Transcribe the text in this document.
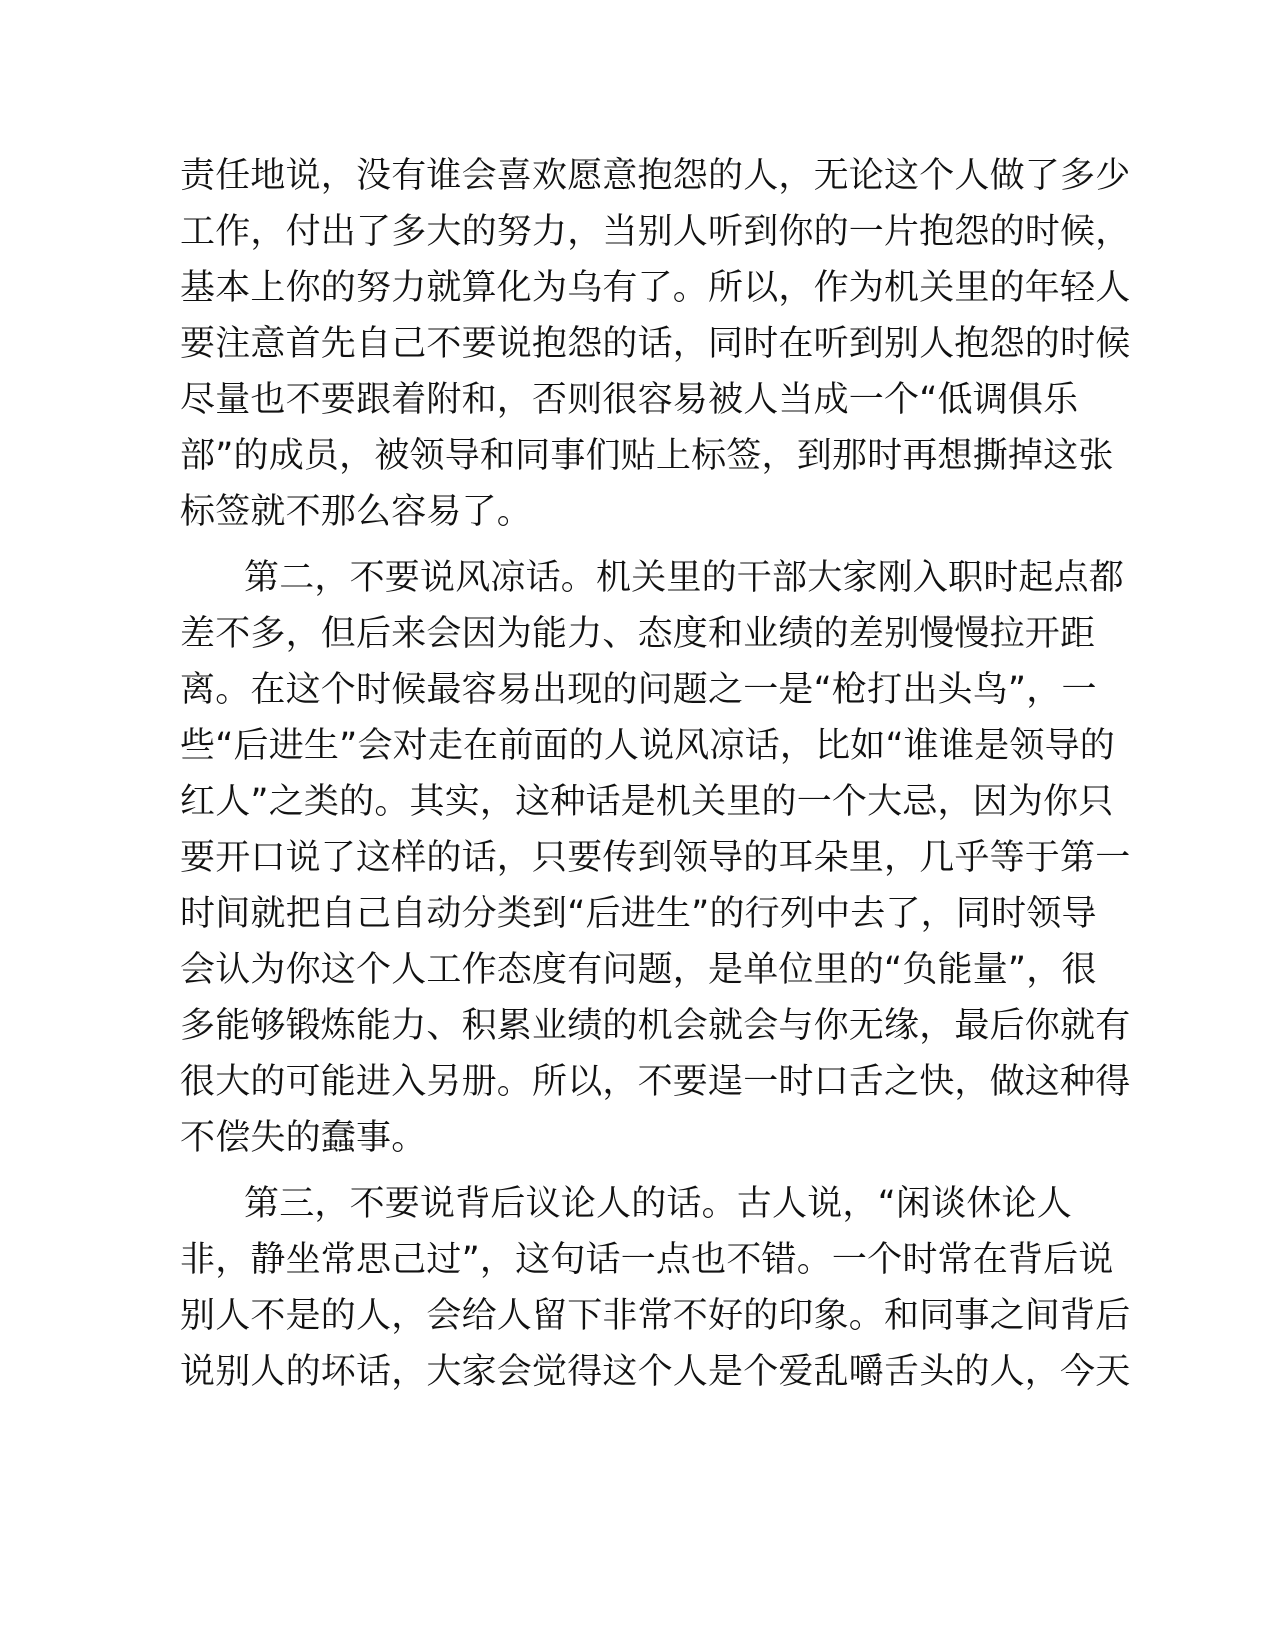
责任地说，没有谁会喜欢愿意抱怨的人，无论这个人做了多少
工作，付出了多大的努力，当别人听到你的一片抱怨的时候，
基本上你的努力就算化为乌有了。所以，作为机关里的年轻人
要注意首先自己不要说抱怨的话，同时在听到别人抱怨的时候
尽量也不要跟着附和，否则很容易被人当成一个“低调俱乐
部”的成员，被领导和同事们贴上标签，到那时再想撕掉这张
标签就不那么容易了。

第二，不要说风凉话。机关里的干部大家刚入职时起点都
差不多，但后来会因为能力、态度和业绩的差别慢慢拉开距
离。在这个时候最容易出现的问题之一是“枪打出头鸟”，一
些“后进生”会对走在前面的人说风凉话，比如“谁谁是领导的
红人”之类的。其实，这种话是机关里的一个大忌，因为你只
要开口说了这样的话，只要传到领导的耳朵里，几乎等于第一
时间就把自己自动分类到“后进生”的行列中去了，同时领导
会认为你这个人工作态度有问题，是单位里的“负能量”，很
多能够锻炼能力、积累业绩的机会就会与你无缘，最后你就有
很大的可能进入另册。所以，不要逞一时口舌之快，做这种得
不偿失的蠢事。

第三，不要说背后议论人的话。古人说，“闲谈休论人
非，静坐常思己过”，这句话一点也不错。一个时常在背后说
别人不是的人，会给人留下非常不好的印象。和同事之间背后
说别人的坏话，大家会觉得这个人是个爱乱嚼舌头的人，今天
